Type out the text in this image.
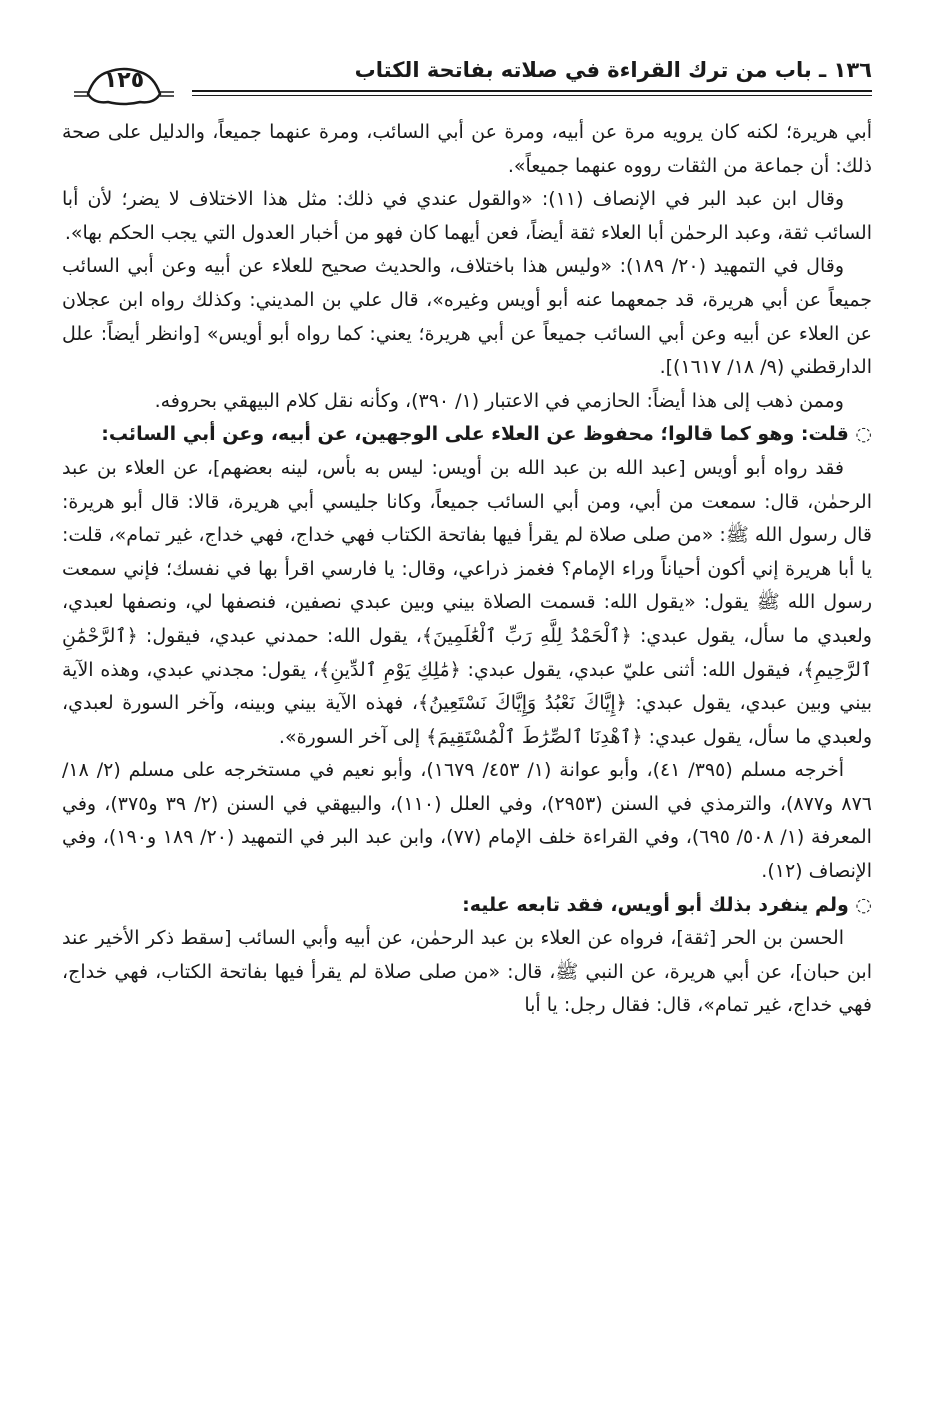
١٣٦ ـ باب من ترك القراءة في صلاته بفاتحة الكتاب
١٢٥

أبي هريرة؛ لكنه كان يرويه مرة عن أبيه، ومرة عن أبي السائب، ومرة عنهما جميعاً، والدليل على صحة ذلك: أن جماعة من الثقات رووه عنهما جميعاً».

وقال ابن عبد البر في الإنصاف (١١): «والقول عندي في ذلك: مثل هذا الاختلاف لا يضر؛ لأن أبا السائب ثقة، وعبد الرحمٰن أبا العلاء ثقة أيضاً، فعن أيهما كان فهو من أخبار العدول التي يجب الحكم بها».

وقال في التمهيد (٢٠/ ١٨٩): «وليس هذا باختلاف، والحديث صحيح للعلاء عن أبيه وعن أبي السائب جميعاً عن أبي هريرة، قد جمعهما عنه أبو أويس وغيره»، قال علي بن المديني: وكذلك رواه ابن عجلان عن العلاء عن أبيه وعن أبي السائب جميعاً عن أبي هريرة؛ يعني: كما رواه أبو أويس» [وانظر أيضاً: علل الدارقطني (٩/ ١٨/ ١٦١٧)].

وممن ذهب إلى هذا أيضاً: الحازمي في الاعتبار (١/ ٣٩٠)، وكأنه نقل كلام البيهقي بحروفه.

◌ قلت: وهو كما قالوا؛ محفوظ عن العلاء على الوجهين، عن أبيه، وعن أبي السائب:

فقد رواه أبو أويس [عبد الله بن عبد الله بن أويس: ليس به بأس، لينه بعضهم]، عن العلاء بن عبد الرحمٰن، قال: سمعت من أبي، ومن أبي السائب جميعاً، وكانا جليسي أبي هريرة، قالا: قال أبو هريرة: قال رسول الله ﷺ: «من صلى صلاة لم يقرأ فيها بفاتحة الكتاب فهي خداج، فهي خداج، غير تمام»، قلت: يا أبا هريرة إني أكون أحياناً وراء الإمام؟ فغمز ذراعي، وقال: يا فارسي اقرأ بها في نفسك؛ فإني سمعت رسول الله ﷺ يقول: «يقول الله: قسمت الصلاة بيني وبين عبدي نصفين، فنصفها لي، ونصفها لعبدي، ولعبدي ما سأل، يقول عبدي: ﴿ٱلْحَمْدُ لِلَّهِ رَبِّ ٱلْعَٰلَمِينَ﴾، يقول الله: حمدني عبدي، فيقول: ﴿ٱلرَّحْمَٰنِ ٱلرَّحِيمِ﴾، فيقول الله: أثنى عليّ عبدي، يقول عبدي: ﴿مَٰلِكِ يَوْمِ ٱلدِّينِ﴾، يقول: مجدني عبدي، وهذه الآية بيني وبين عبدي، يقول عبدي: ﴿إِيَّاكَ نَعْبُدُ وَإِيَّاكَ نَسْتَعِينُ﴾، فهذه الآية بيني وبينه، وآخر السورة لعبدي، ولعبدي ما سأل، يقول عبدي: ﴿ٱهْدِنَا ٱلصِّرَٰطَ ٱلْمُسْتَقِيمَ﴾ إلى آخر السورة».

أخرجه مسلم (٣٩٥/ ٤١)، وأبو عوانة (١/ ٤٥٣/ ١٦٧٩)، وأبو نعيم في مستخرجه على مسلم (٢/ ١٨/ ٨٧٦ و٨٧٧)، والترمذي في السنن (٢٩٥٣)، وفي العلل (١١٠)، والبيهقي في السنن (٢/ ٣٩ و٣٧٥)، وفي المعرفة (١/ ٥٠٨/ ٦٩٥)، وفي القراءة خلف الإمام (٧٧)، وابن عبد البر في التمهيد (٢٠/ ١٨٩ و١٩٠)، وفي الإنصاف (١٢).

◌ ولم ينفرد بذلك أبو أويس، فقد تابعه عليه:

الحسن بن الحر [ثقة]، فرواه عن العلاء بن عبد الرحمٰن، عن أبيه وأبي السائب [سقط ذكر الأخير عند ابن حبان]، عن أبي هريرة، عن النبي ﷺ، قال: «من صلى صلاة لم يقرأ فيها بفاتحة الكتاب، فهي خداج، فهي خداج، غير تمام»، قال: فقال رجل: يا أبا
